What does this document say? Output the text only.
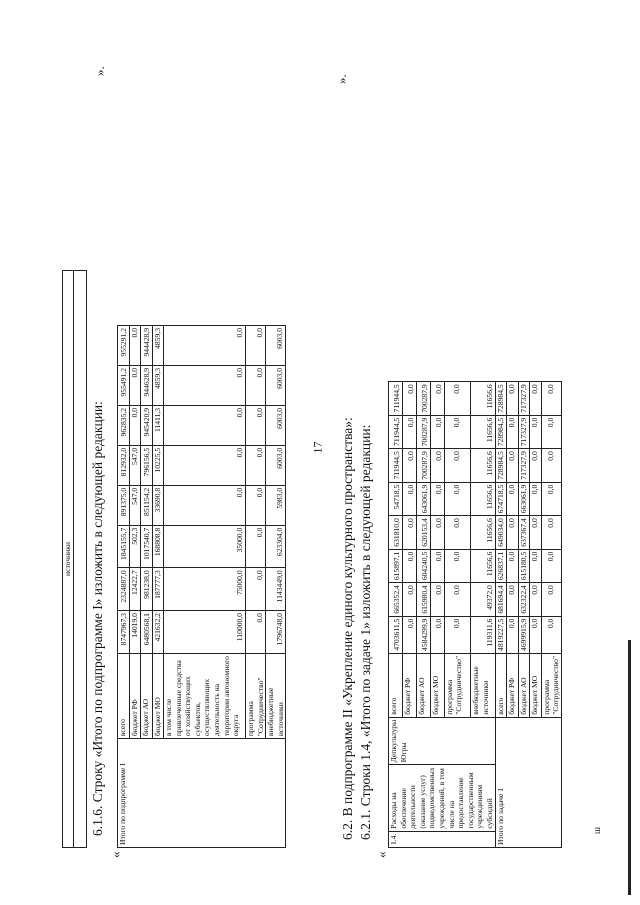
17
источники 6.1.6. Строку «Итого по подпрограмме I» изложить в следующей редакции:
».
«
Итого по подпрограмме I	всего	8747967,3	2324887,0	1845155,7	891375,0	812932,0	962835,2	955491,2	955291,2
	бюджет РФ	14019,0	12422,7	502,3	547,0	547,0	0,0	0,0	0,0
	бюджет АО	6480568,1	981238,0	1017540,7	851154,2	796156,5	945420,9	944628,9	944428,9
	бюджет МО	421632,2	187777,3	168808,8	33690,8	10225,5	11411,3	4859,3	4859,3
	в том числе привлеченные средства от хозяйствующих субъектов, осуществляющих деятельность на территории автономного округа	110000,0	75000,0	35000,0	0,0	0,0	0,0	0,0	0,0
	программа "Сотрудничество"	0,0	0,0	0,0	0,0	0,0	0,0	0,0	0,0
	внебюджетные источники	1796748,0	1143449,0	623304,0	5983,0	6003,0	6003,0	6003,0	6003,0
6.2. В подпрограмме II «Укрепление единого культурного пространства»: 6.2.1. Строки 1.4, «Итого по задаче 1» изложить в следующей редакции:
».
«
1.4.	Расходы на обеспечение деятельности (оказание услуг) подведомственных учреждений, в том числе на предоставление государственным учреждениям субсидий	Депкультуры Югры	всего	4703611,5	665352,4	615897,1	631810,0	54718,5	711944,5	711944,5	711944,5
			бюджет РФ	0,0	0,0	0,0	0,0	0,0	0,0	0,0	0,0
			бюджет АО	4584299,9	615980,4	604240,5	620153,4	643061,9	700287,9	700287,9	700287,9
			бюджет МО	0,0	0,0	0,0	0,0	0,0	0,0	0,0	0,0
			программа "Сотрудничество"	0,0	0,0	0,0	0,0	0,0	0,0	0,0	0,0
			внебюджетные источники	119311,6	49372,0	11656,6	11656,6	11656,6	11656,6	11656,6	11656,6
Итого по задаче 1			всего	4819227,5	681694,4	626837,1	649034,0	674718,5	728984,5	728984,5	728984,5
			бюджет РФ	0,0	0,0	0,0	0,0	0,0	0,0	0,0	0,0
			бюджет АО	4699915,9	632322,4	615180,5	637367,4	663061,9	717327,9	717327,9	717327,9
			бюджет МО	0,0	0,0	0,0	0,0	0,0	0,0	0,0	0,0
			программа "Сотрудничество"	0,0	0,0	0,0	0,0	0,0	0,0	0,0	0,0
ш
